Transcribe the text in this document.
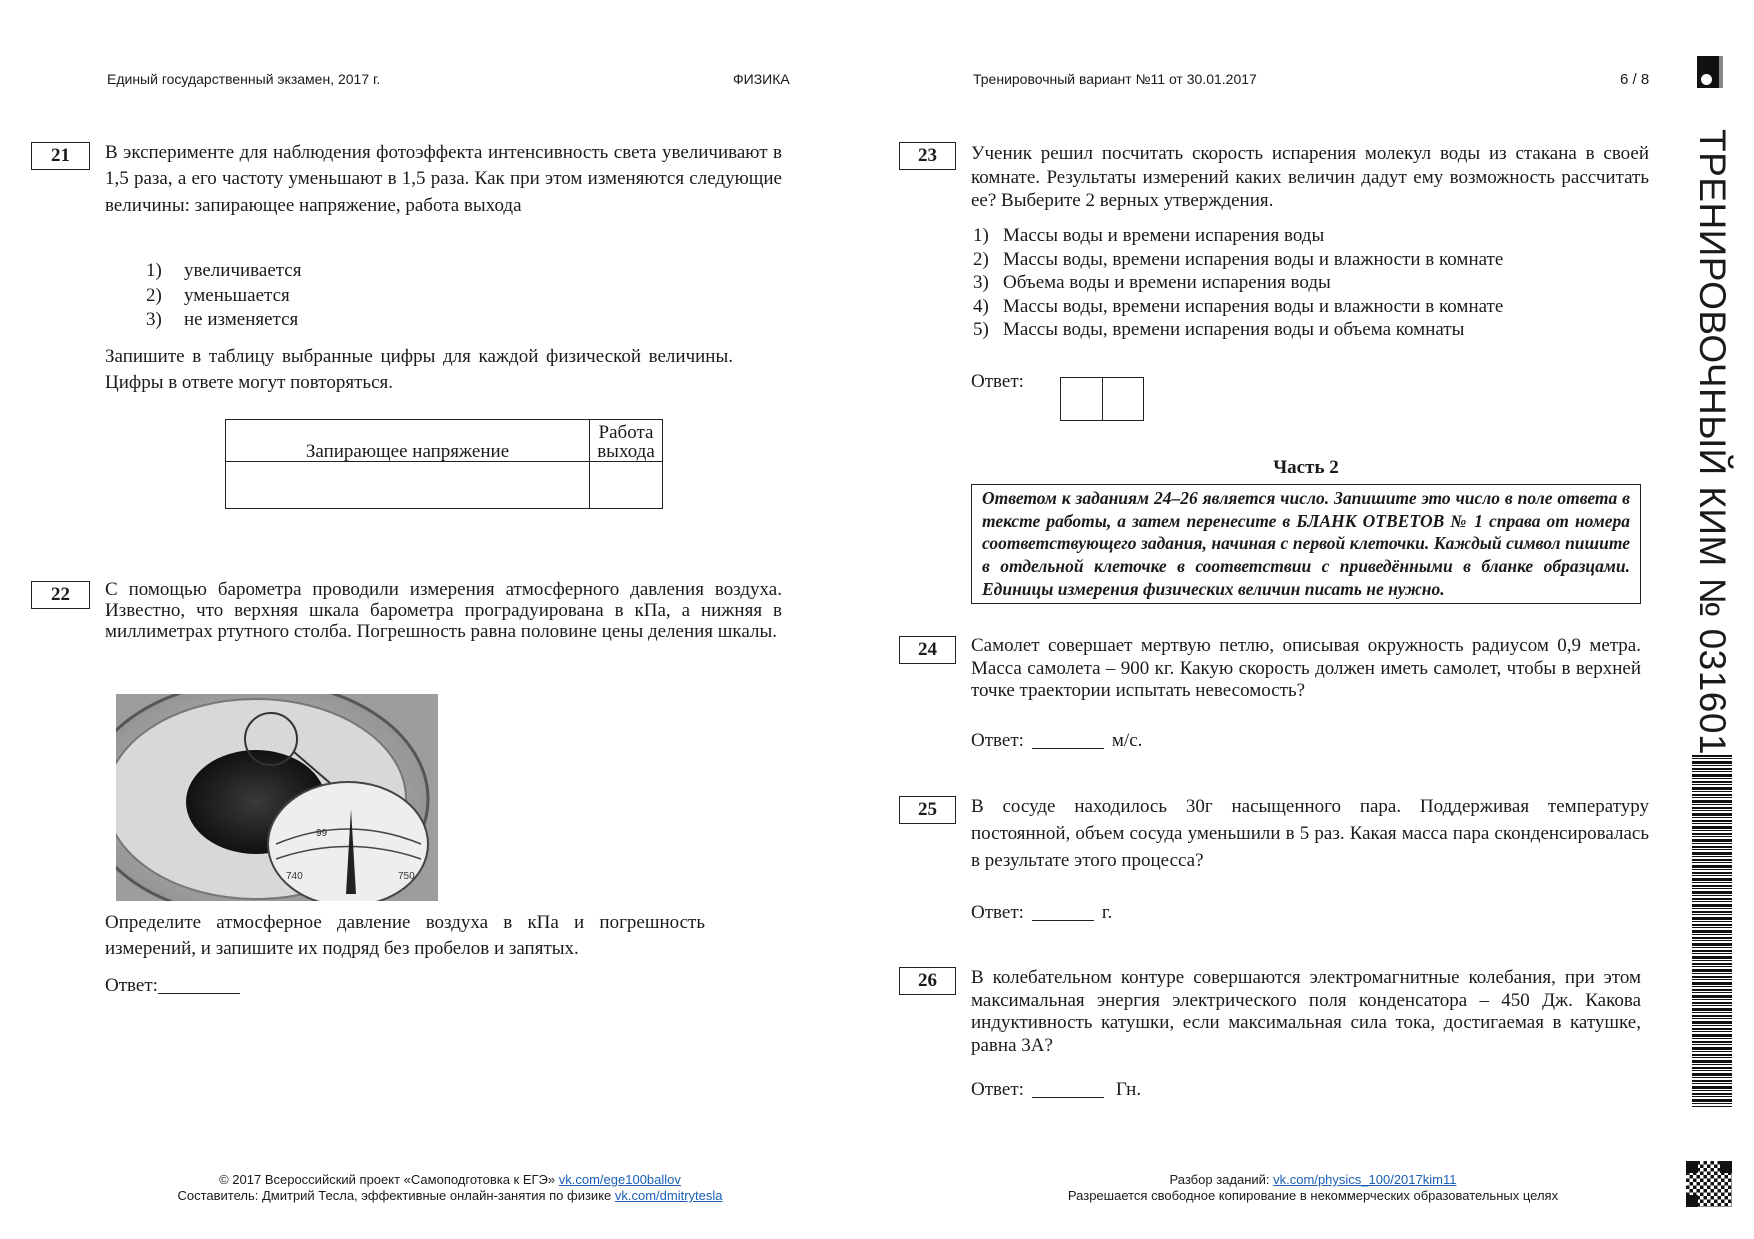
Единый государственный экзамен, 2017 г.	ФИЗИКА	Тренировочный вариант №11 от 30.01.2017	6 / 8
ТРЕНИРОВОЧНЫЙ КИМ № 031601
21	В эксперименте для наблюдения фотоэффекта интенсивность света увеличивают в 1,5 раза, а его частоту уменьшают в 1,5 раза. Как при этом изменяются следующие величины: запирающее напряжение, работа выхода
1)	увеличивается
2)	уменьшается
3)	не изменяется
Запишите в таблицу выбранные цифры для каждой физической величины. Цифры в ответе могут повторяться.
Запирающее напряжение	Работа выхода

22	С помощью барометра проводили измерения атмосферного давления воздуха. Известно, что верхняя шкала барометра проградуирована в кПа, а нижняя в миллиметрах ртутного столба. Погрешность равна половине цены деления шкалы.
740	750
99
Определите атмосферное давление воздуха в кПа и погрешность измерений, и запишите их подряд без пробелов и запятых.
Ответ:
23	Ученик решил посчитать скорость испарения молекул воды из стакана в своей комнате. Результаты измерений каких величин дадут ему возможность рассчитать ее? Выберите 2 верных утверждения.
1) Массы воды и времени испарения воды
2) Массы воды, времени испарения воды и влажности в комнате
3) Объема воды и времени испарения воды
4) Массы воды, времени испарения воды и влажности в комнате
5) Массы воды, времени испарения воды и объема комнаты
Ответ:
Часть 2
Ответом к заданиям 24–26 является число. Запишите это число в поле ответа в тексте работы, а затем перенесите в БЛАНК ОТВЕТОВ № 1 справа от номера соответствующего задания, начиная с первой клеточки. Каждый символ пишите в отдельной клеточке в соответствии с приведёнными в бланке образцами. Единицы измерения физических величин писать не нужно.
24	Самолет совершает мертвую петлю, описывая окружность радиусом 0,9 метра. Масса самолета – 900 кг. Какую скорость должен иметь самолет, чтобы в верхней точке траектории испытать невесомость?
Ответ:	м/с.
25	В сосуде находилось 30г насыщенного пара. Поддерживая температуру постоянной, объем сосуда уменьшили в 5 раз. Какая масса пара сконденсировалась в результате этого процесса?
Ответ:	г.
26	В колебательном контуре совершаются электромагнитные колебания, при этом максимальная энергия электрического поля конденсатора – 450 Дж. Какова индуктивность катушки, если максимальная сила тока, достигаемая в катушке, равна 3А?
Ответ:	Гн.
© 2017 Всероссийский проект «Самоподготовка к ЕГЭ» vk.com/ege100ballov
Составитель: Дмитрий Тесла, эффективные онлайн-занятия по физике vk.com/dmitrytesla
Разбор заданий: vk.com/physics_100/2017kim11
Разрешается свободное копирование в некоммерческих образовательных целях
